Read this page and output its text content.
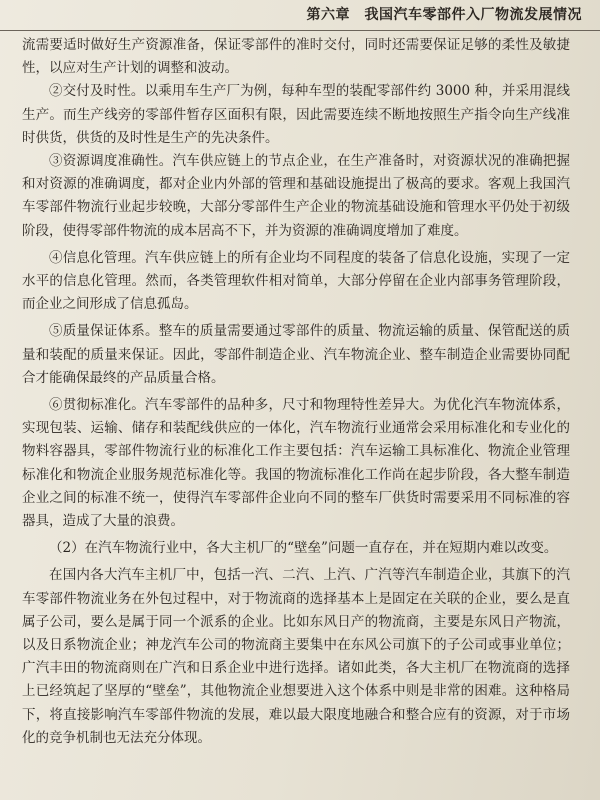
第六章　我国汽车零部件入厂物流发展情况

流需要适时做好生产资源准备，保证零部件的准时交付，同时还需要保证足够的柔性及敏捷性，以应对生产计划的调整和波动。

②交付及时性。以乘用车生产厂为例，每种车型的装配零部件约 3000 种，并采用混线生产。而生产线旁的零部件暂存区面积有限，因此需要连续不断地按照生产指令向生产线准时供货，供货的及时性是生产的先决条件。

③资源调度准确性。汽车供应链上的节点企业，在生产准备时，对资源状况的准确把握和对资源的准确调度，都对企业内外部的管理和基础设施提出了极高的要求。客观上我国汽车零部件物流行业起步较晚，大部分零部件生产企业的物流基础设施和管理水平仍处于初级阶段，使得零部件物流的成本居高不下，并为资源的准确调度增加了难度。

④信息化管理。汽车供应链上的所有企业均不同程度的装备了信息化设施，实现了一定水平的信息化管理。然而，各类管理软件相对简单，大部分停留在企业内部事务管理阶段，而企业之间形成了信息孤岛。

⑤质量保证体系。整车的质量需要通过零部件的质量、物流运输的质量、保管配送的质量和装配的质量来保证。因此，零部件制造企业、汽车物流企业、整车制造企业需要协同配合才能确保最终的产品质量合格。

⑥贯彻标准化。汽车零部件的品种多，尺寸和物理特性差异大。为优化汽车物流体系，实现包装、运输、储存和装配线供应的一体化，汽车物流行业通常会采用标准化和专业化的物料容器具，零部件物流行业的标准化工作主要包括：汽车运输工具标准化、物流企业管理标准化和物流企业服务规范标准化等。我国的物流标准化工作尚在起步阶段，各大整车制造企业之间的标准不统一，使得汽车零部件企业向不同的整车厂供货时需要采用不同标准的容器具，造成了大量的浪费。

（2）在汽车物流行业中，各大主机厂的“壁垒”问题一直存在，并在短期内难以改变。

在国内各大汽车主机厂中，包括一汽、二汽、上汽、广汽等汽车制造企业，其旗下的汽车零部件物流业务在外包过程中，对于物流商的选择基本上是固定在关联的企业，要么是直属子公司，要么是属于同一个派系的企业。比如东风日产的物流商，主要是东风日产物流，以及日系物流企业；神龙汽车公司的物流商主要集中在东风公司旗下的子公司或事业单位；广汽丰田的物流商则在广汽和日系企业中进行选择。诸如此类，各大主机厂在物流商的选择上已经筑起了坚厚的“壁垒”，其他物流企业想要进入这个体系中则是非常的困难。这种格局下，将直接影响汽车零部件物流的发展，难以最大限度地融合和整合应有的资源，对于市场化的竞争机制也无法充分体现。
